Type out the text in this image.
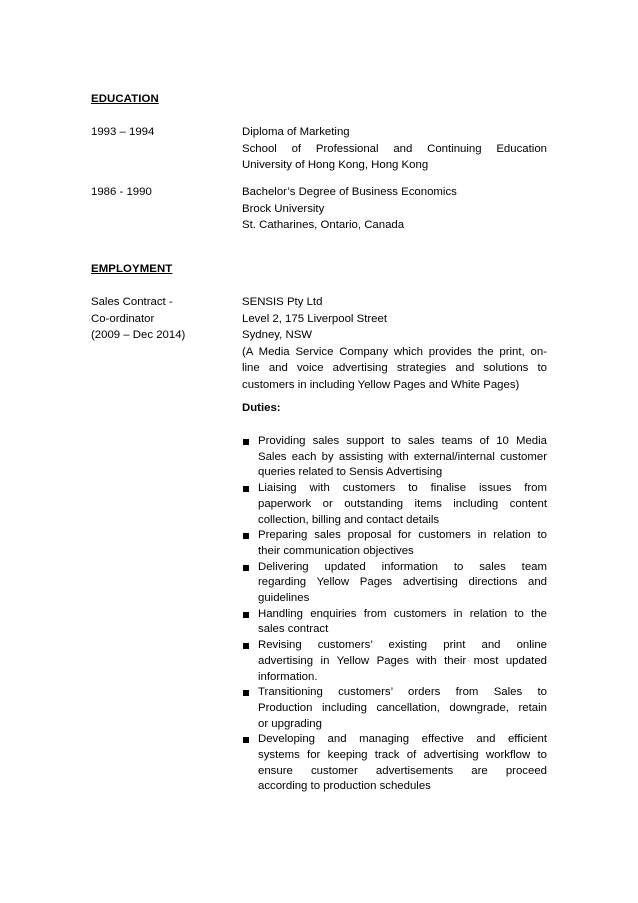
EDUCATION
1993 – 1994	Diploma of Marketing
School of Professional and Continuing Education
University of Hong Kong, Hong Kong
1986 - 1990	Bachelor’s Degree of Business Economics
Brock University
St. Catharines, Ontario, Canada
EMPLOYMENT
Sales Contract -
Co-ordinator
(2009 – Dec 2014)
SENSIS Pty Ltd
Level 2, 175 Liverpool Street
Sydney, NSW
(A Media Service Company which provides the print, on-
line and voice advertising strategies and solutions to
customers in including Yellow Pages and White Pages)
Duties:
Providing sales support to sales teams of 10 Media
Sales each by assisting with external/internal customer
queries related to Sensis Advertising
Liaising with customers to finalise issues from
paperwork or outstanding items including content
collection, billing and contact details
Preparing sales proposal for customers in relation to
their communication objectives
Delivering updated information to sales team
regarding Yellow Pages advertising directions and
guidelines
Handling enquiries from customers in relation to the
sales contract
Revising customers’ existing print and online
advertising in Yellow Pages with their most updated
information.
Transitioning customers’ orders from Sales to
Production including cancellation, downgrade, retain
or upgrading
Developing and managing effective and efficient
systems for keeping track of advertising workflow to
ensure customer advertisements are proceed
according to production schedules
